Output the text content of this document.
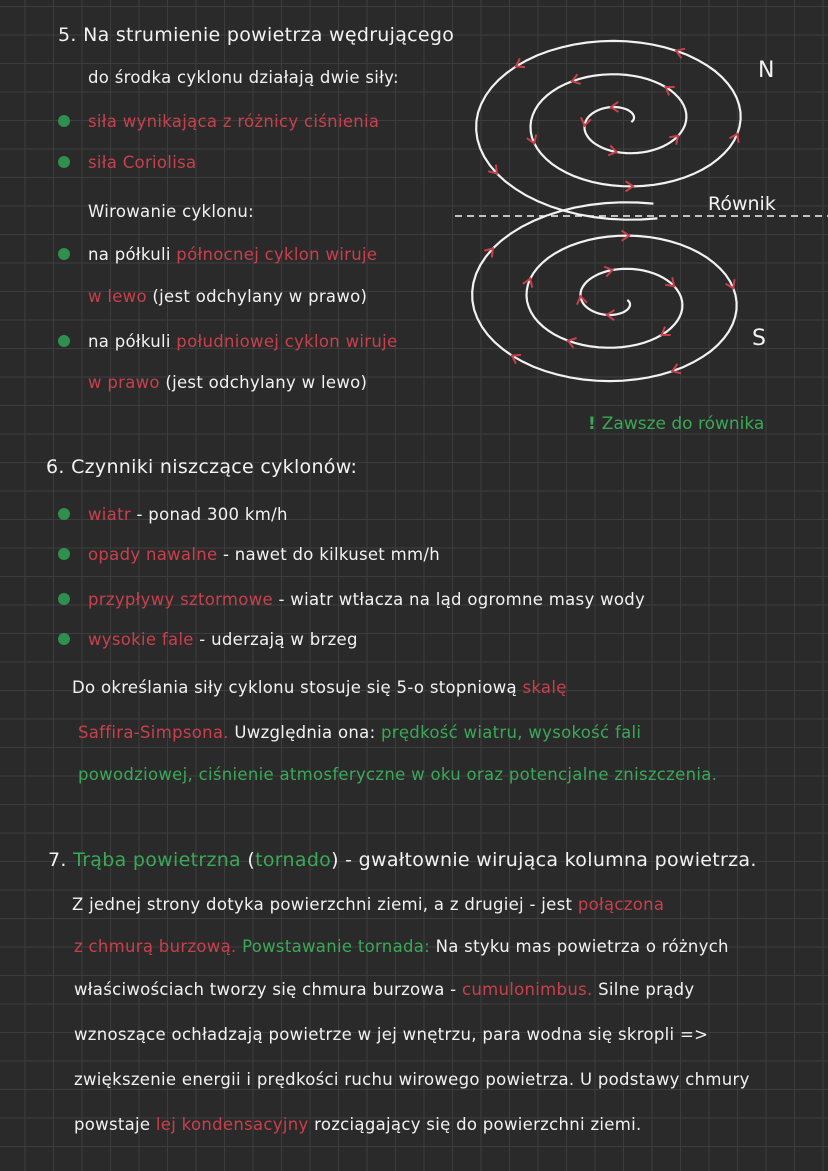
N
Równik
S
! Zawsze do równika
5. Na strumienie powietrza wędrującego
do środka cyklonu działają dwie siły:
siła wynikająca z różnicy ciśnienia
siła Coriolisa
Wirowanie cyklonu:
na półkuli północnej cyklon wiruje
w lewo (jest odchylany w prawo)
na półkuli południowej cyklon wiruje
w prawo (jest odchylany w lewo)
6. Czynniki niszczące cyklonów:
wiatr - ponad 300 km/h
opady nawalne - nawet do kilkuset mm/h
przypływy sztormowe - wiatr wtłacza na ląd ogromne masy wody
wysokie fale - uderzają w brzeg
Do określania siły cyklonu stosuje się 5-o stopniową skalę
Saffira-Simpsona. Uwzględnia ona: prędkość wiatru, wysokość fali
powodziowej, ciśnienie atmosferyczne w oku oraz potencjalne zniszczenia.
7. Trąba powietrzna (tornado) - gwałtownie wirująca kolumna powietrza.
Z jednej strony dotyka powierzchni ziemi, a z drugiej - jest połączona
z chmurą burzową. Powstawanie tornada: Na styku mas powietrza o różnych
właściwościach tworzy się chmura burzowa - cumulonimbus. Silne prądy
wznoszące ochładzają powietrze w jej wnętrzu, para wodna się skropli =>
zwiększenie energii i prędkości ruchu wirowego powietrza. U podstawy chmury
powstaje lej kondensacyjny rozciągający się do powierzchni ziemi.
